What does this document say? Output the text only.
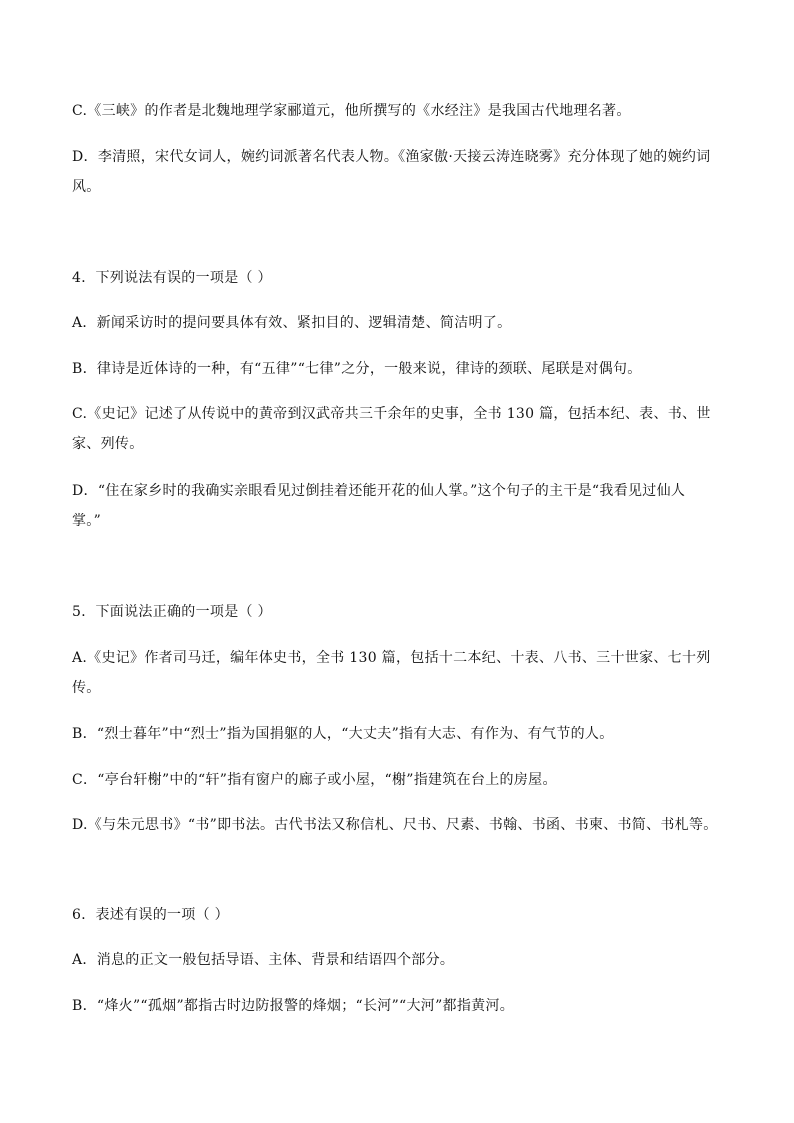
C.《三峡》的作者是北魏地理学家郦道元，他所撰写的《水经注》是我国古代地理名著。
D．李清照，宋代女词人，婉约词派著名代表人物。《渔家傲·天接云涛连晓雾》充分体现了她的婉约词
风。
4．下列说法有误的一项是（ ）
A．新闻采访时的提问要具体有效、紧扣目的、逻辑清楚、简洁明了。
B．律诗是近体诗的一种，有“五律”“七律”之分，一般来说，律诗的颈联、尾联是对偶句。
C.《史记》记述了从传说中的黄帝到汉武帝共三千余年的史事，全书 130 篇，包括本纪、表、书、世
家、列传。
D．“住在家乡时的我确实亲眼看见过倒挂着还能开花的仙人掌。”这个句子的主干是“我看见过仙人
掌。”
5．下面说法正确的一项是（ ）
A.《史记》作者司马迁，编年体史书，全书 130 篇，包括十二本纪、十表、八书、三十世家、七十列
传。
B．“烈士暮年”中“烈士”指为国捐躯的人，“大丈夫”指有大志、有作为、有气节的人。
C．“亭台轩榭”中的“轩”指有窗户的廊子或小屋，“榭”指建筑在台上的房屋。
D.《与朱元思书》“书”即书法。古代书法又称信札、尺书、尺素、书翰、书函、书柬、书简、书札等。
6．表述有误的一项（ ）
A．消息的正文一般包括导语、主体、背景和结语四个部分。
B．“烽火”“孤烟”都指古时边防报警的烽烟；“长河”“大河”都指黄河。
